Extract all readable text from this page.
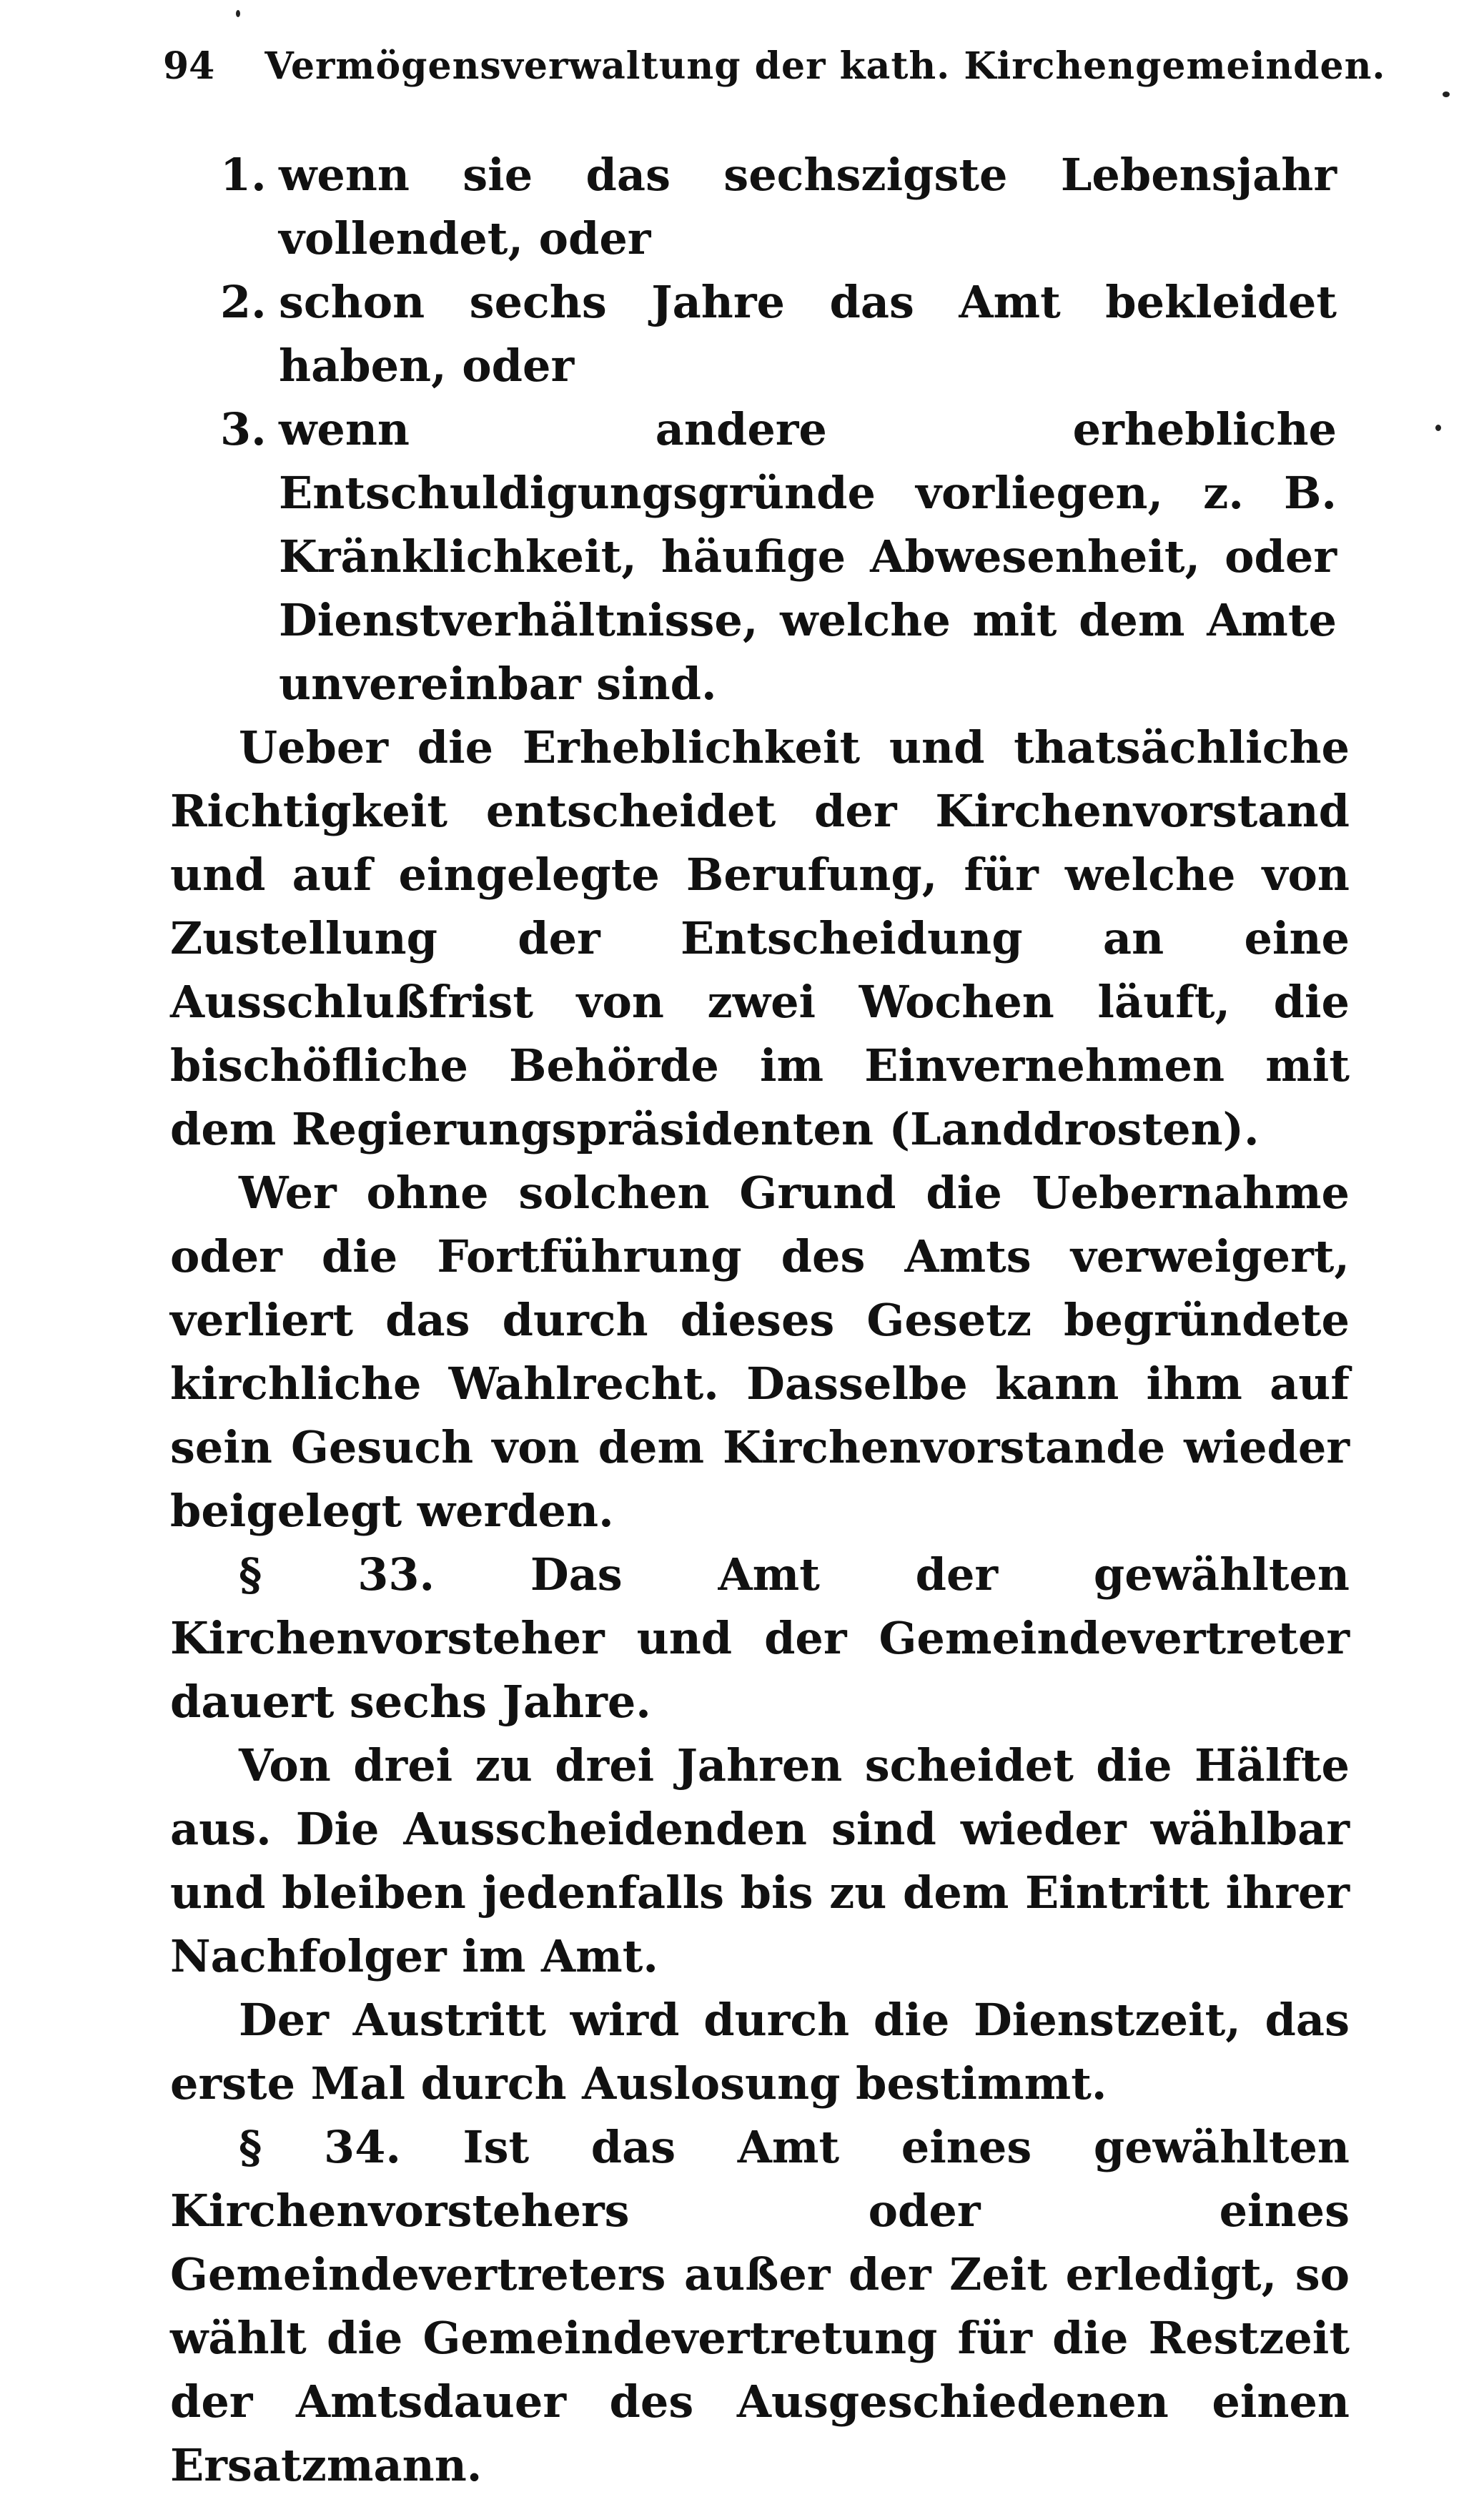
94 Vermögensverwaltung der kath. Kirchengemeinden.
1. wenn sie das sechszigste Lebensjahr vollendet, oder
2. schon sechs Jahre das Amt bekleidet haben, oder
3. wenn andere erhebliche Entschuldigungsgründe vorliegen, z. B. Kränklichkeit, häufige Abwesenheit, oder Dienstverhältnisse, welche mit dem Amte unvereinbar sind.

Ueber die Erheblichkeit und thatsächliche Richtigkeit entscheidet der Kirchenvorstand und auf eingelegte Berufung, für welche von Zustellung der Entscheidung an eine Ausschlußfrist von zwei Wochen läuft, die bischöfliche Behörde im Einvernehmen mit dem Regierungspräsidenten (Landdrosten).

Wer ohne solchen Grund die Uebernahme oder die Fortführung des Amts verweigert, verliert das durch dieses Gesetz begründete kirchliche Wahlrecht. Dasselbe kann ihm auf sein Gesuch von dem Kirchenvorstande wieder beigelegt werden.

§ 33. Das Amt der gewählten Kirchenvorsteher und der Gemeindevertreter dauert sechs Jahre.

Von drei zu drei Jahren scheidet die Hälfte aus. Die Ausscheidenden sind wieder wählbar und bleiben jedenfalls bis zu dem Eintritt ihrer Nachfolger im Amt.

Der Austritt wird durch die Dienstzeit, das erste Mal durch Auslosung bestimmt.

§ 34. Ist das Amt eines gewählten Kirchenvorstehers oder eines Gemeindevertreters außer der Zeit erledigt, so wählt die Gemeindevertretung für die Restzeit der Amtsdauer des Ausgeschiedenen einen Ersatzmann.
